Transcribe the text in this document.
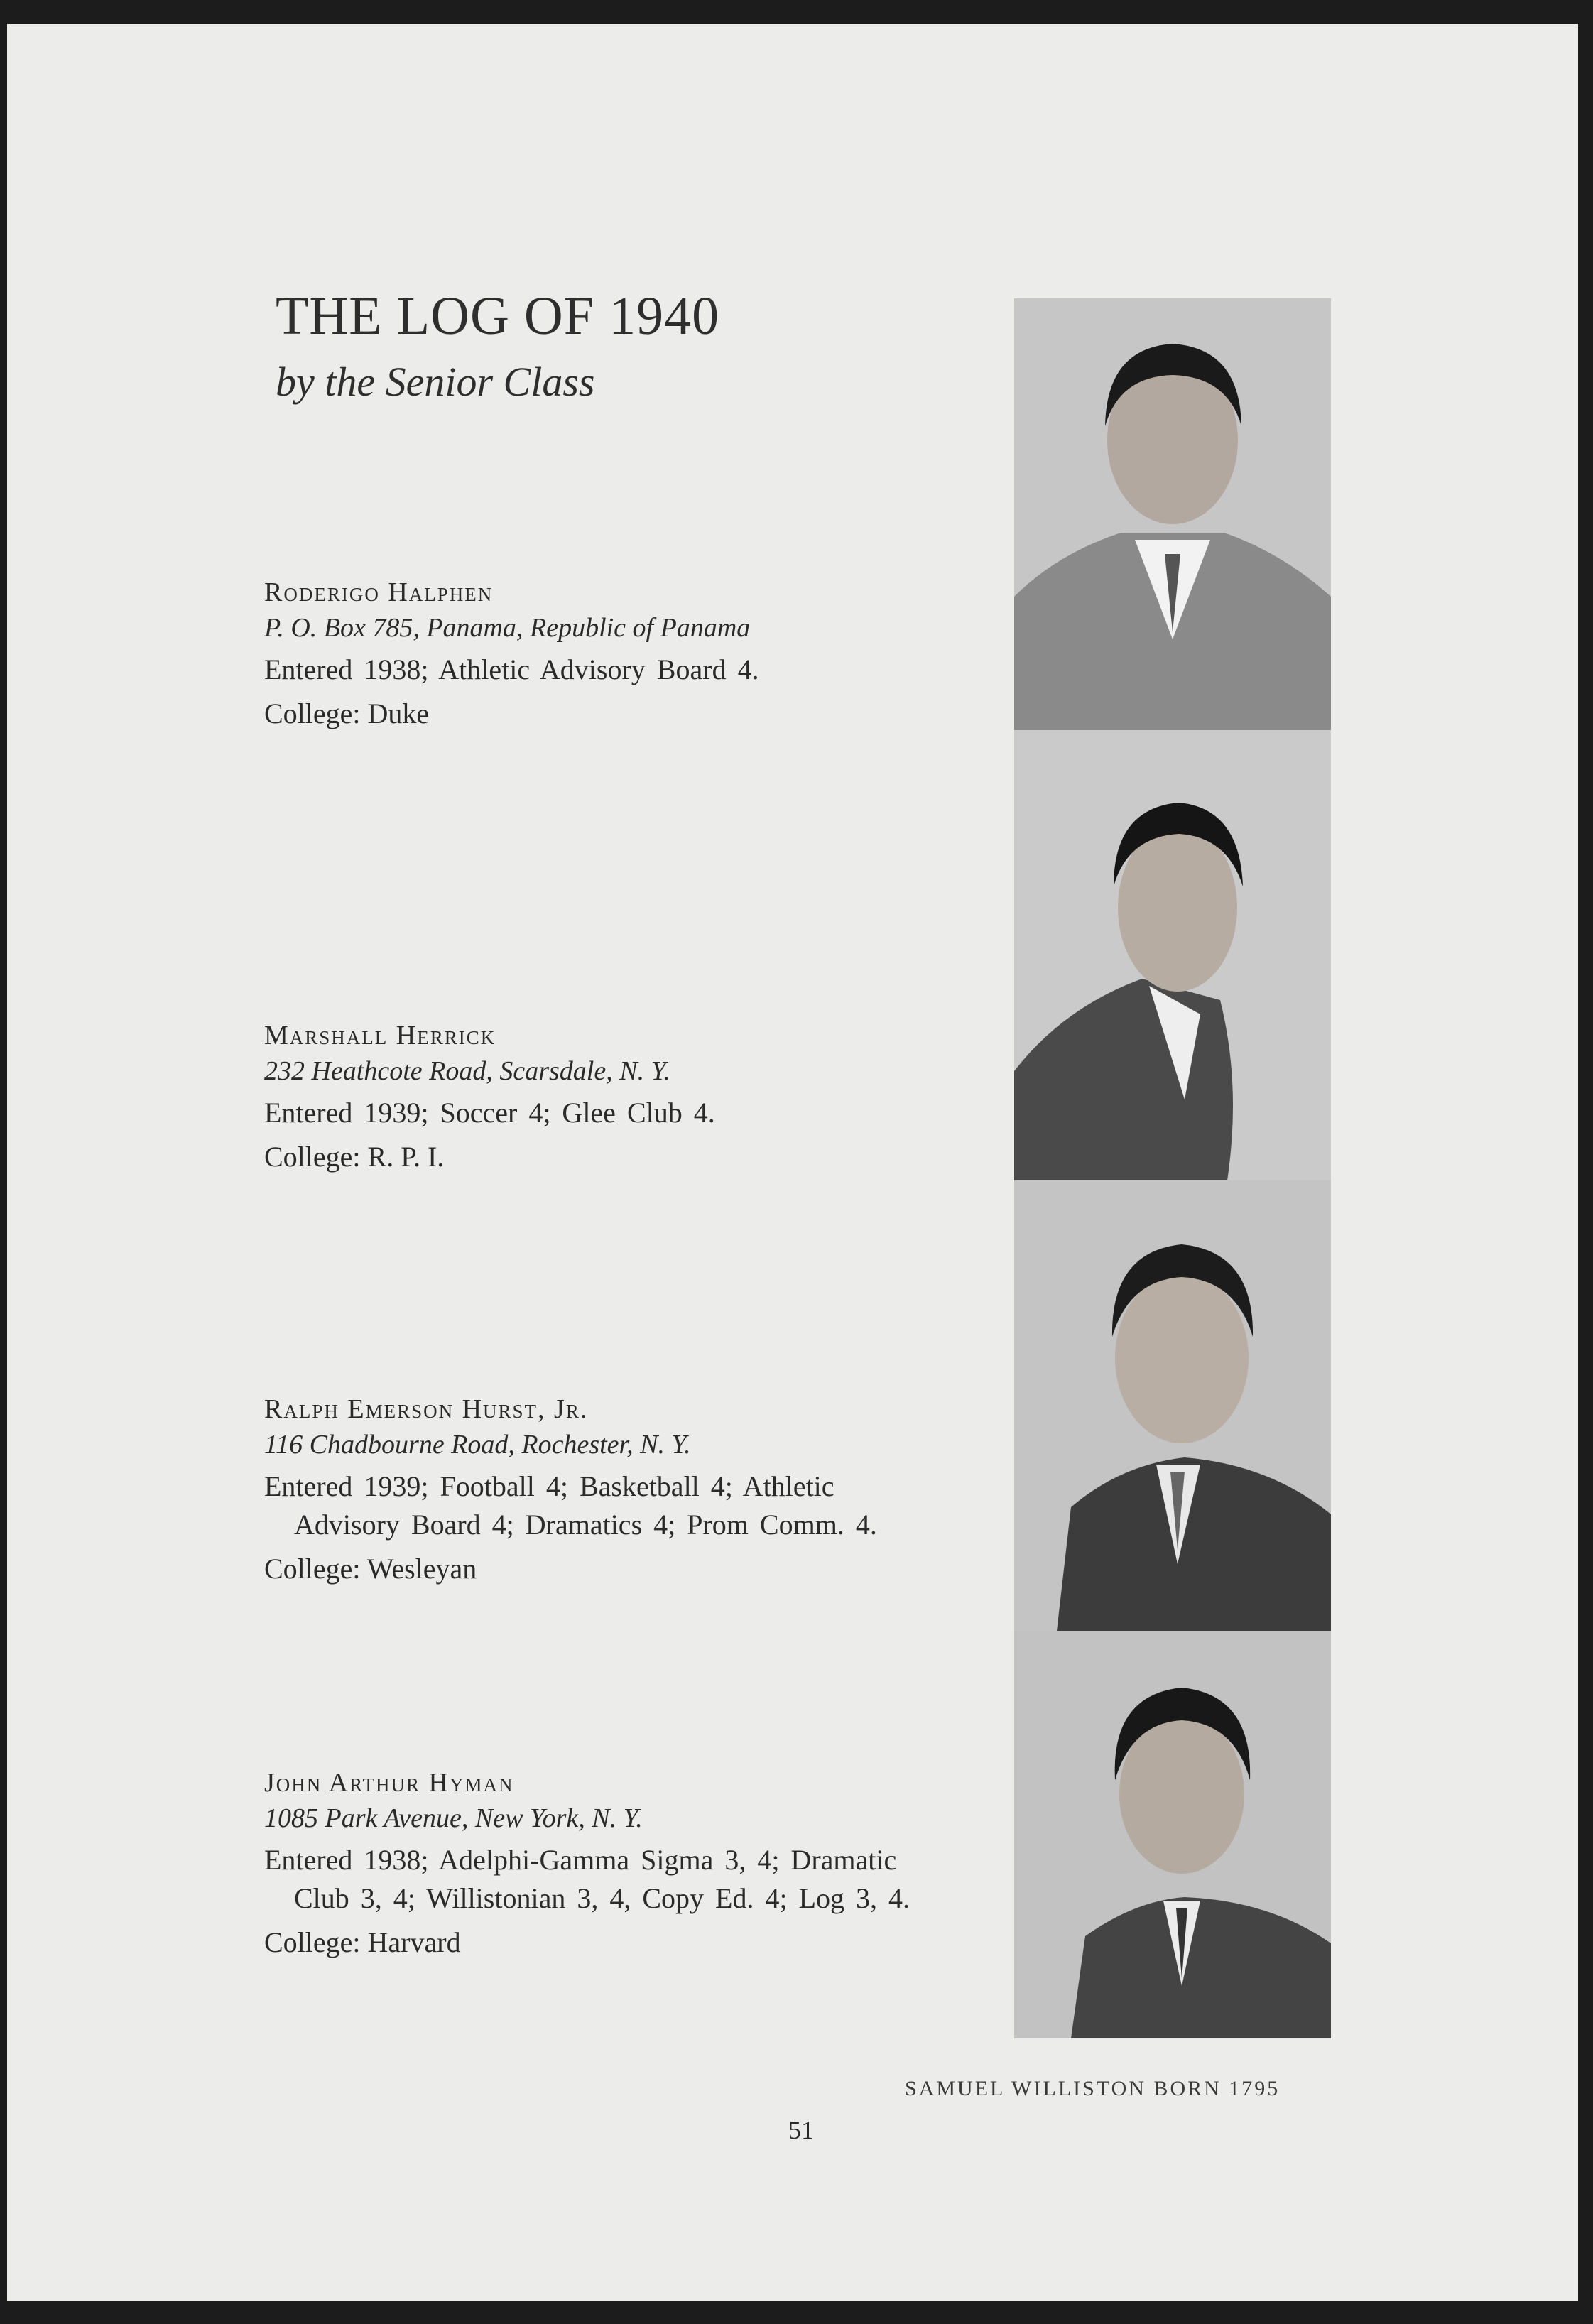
THE LOG OF 1940
by the Senior Class

Roderigo Halphen

P. O. Box 785, Panama, Republic of Panama

Entered 1938; Athletic Advisory Board 4.

College: Duke

Marshall Herrick

232 Heathcote Road, Scarsdale, N. Y.

Entered 1939; Soccer 4; Glee Club 4.

College: R. P. I.

Ralph Emerson Hurst, Jr.

116 Chadbourne Road, Rochester, N. Y.

Entered 1939; Football 4; Basketball 4; Athletic Advisory Board 4; Dramatics 4; Prom Comm. 4.

College: Wesleyan

John Arthur Hyman

1085 Park Avenue, New York, N. Y.

Entered 1938; Adelphi-Gamma Sigma 3, 4; Dramatic Club 3, 4; Willistonian 3, 4, Copy Ed. 4; Log 3, 4.

College: Harvard

SAMUEL WILLISTON BORN 1795
51
